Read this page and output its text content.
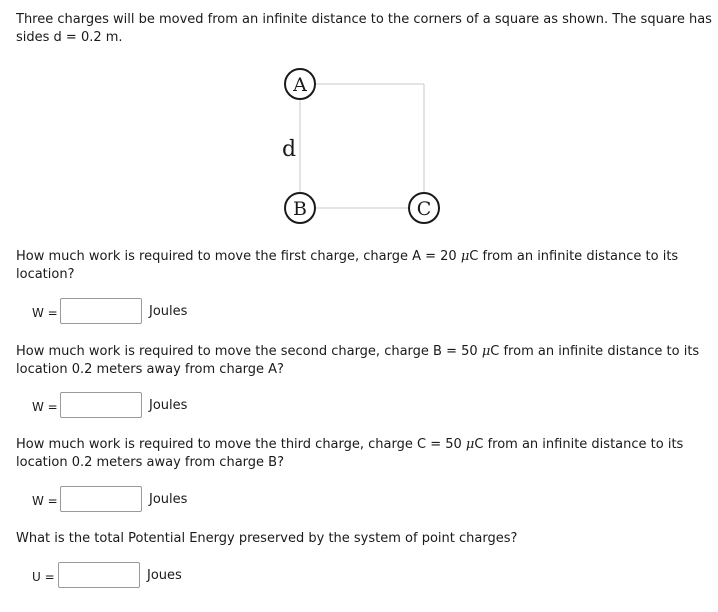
Three charges will be moved from an infinite distance to the corners of a square as shown. The square has sides d = 0.2 m.

A
B	C
d

How much work is required to move the first charge, charge A = 20 μC from an infinite distance to its location?

W =	Joules

How much work is required to move the second charge, charge B = 50 μC from an infinite distance to its location 0.2 meters away from charge A?

W =	Joules

How much work is required to move the third charge, charge C = 50 μC from an infinite distance to its location 0.2 meters away from charge B?

W =	Joules

What is the total Potential Energy preserved by the system of point charges?

U =	Joues
